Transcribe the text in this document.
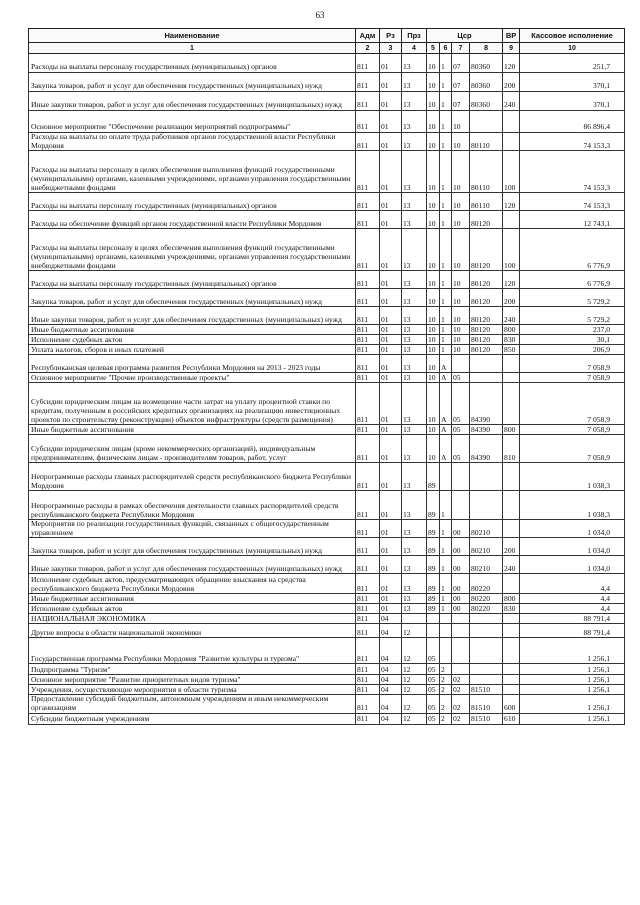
63
Наименование	Адм	Рз	Прз	Цср				ВР	Кассовое исполнение
1	2	3	4	5	6	7	8	9	10
Расходы на выплаты персоналу государственных (муниципальных) органов	811	01	13	10	1	07	80360	120	251,7
Закупка товаров, работ и услуг для обеспечения государственных (муниципальных) нужд	811	01	13	10	1	07	80360	200	370,1
Иные закупки товаров, работ и услуг для обеспечения государственных (муниципальных) нужд	811	01	13	10	1	07	80360	240	370,1
Основное мероприятие "Обеспечение реализации мероприятий подпрограммы"	811	01	13	10	1	10			86 896,4
Расходы на выплаты по оплате труда работников органов государственной власти Республики Мордовия	811	01	13	10	1	10	80110		74 153,3
Расходы на выплаты персоналу в целях обеспечения выполнения функций государственными (муниципальными) органами, казенными учреждениями, органами управления государственными внебюджетными фондами	811	01	13	10	1	10	80110	100	74 153,3
Расходы на выплаты персоналу государственных (муниципальных) органов	811	01	13	10	1	10	80110	120	74 153,3
Расходы на обеспечение функций органов государственной власти Республики Мордовия	811	01	13	10	1	10	80120		12 743,1
Расходы на выплаты персоналу в целях обеспечения выполнения функций государственными (муниципальными) органами, казенными учреждениями, органами управления государственными внебюджетными фондами	811	01	13	10	1	10	80120	100	6 776,9
Расходы на выплаты персоналу государственных (муниципальных) органов	811	01	13	10	1	10	80120	120	6 776,9
Закупка товаров, работ и услуг для обеспечения государственных (муниципальных) нужд	811	01	13	10	1	10	80120	200	5 729,2
Иные закупки товаров, работ и услуг для обеспечения государственных (муниципальных) нужд	811	01	13	10	1	10	80120	240	5 729,2
Иные бюджетные ассигнования	811	01	13	10	1	10	80120	800	237,0
Исполнение судебных актов	811	01	13	10	1	10	80120	830	30,1
Уплата налогов, сборов и иных платежей	811	01	13	10	1	10	80120	850	206,9
Республиканская целевая программа развития Республики Мордовия на 2013 - 2023 годы	811	01	13	10	А				7 058,9
Основное мероприятие "Прочие производственные проекты"	811	01	13	10	А	05			7 058,9
Субсидии юридическим лицам на возмещение части затрат на уплату процентной ставки по кредитам, полученным в российских кредитных организациях на реализацию инвестиционных проектов по строительству (реконструкции) объектов инфраструктуры (средств размещения)	811	01	13	10	А	05	84390		7 058,9
Иные бюджетные ассигнования	811	01	13	10	А	05	84390	800	7 058,9
Субсидии юридическим лицам (кроме некоммерческих организаций), индивидуальным предпринимателям, физическим лицам - производителям товаров, работ, услуг	811	01	13	10	А	05	84390	810	7 058,9
Непрограммные расходы главных распорядителей средств республиканского бюджета Республики Мордовия	811	01	13	89					1 038,3
Непрограммные расходы в рамках обеспечения деятельности главных распорядителей средств республиканского бюджета Республики Мордовия	811	01	13	89	1				1 038,3
Мероприятия по реализации государственных функций, связанных с общегосударственным управлением	811	01	13	89	1	00	80210		1 034,0
Закупка товаров, работ и услуг для обеспечения государственных (муниципальных) нужд	811	01	13	89	1	00	80210	200	1 034,0
Иные закупки товаров, работ и услуг для обеспечения государственных (муниципальных) нужд	811	01	13	89	1	00	80210	240	1 034,0
Исполнение судебных актов, предусматривающих обращение взыскания на средства республиканского бюджета Республики Мордовия	811	01	13	89	1	00	80220		4,4
Иные бюджетные ассигнования	811	01	13	89	1	00	80220	800	4,4
Исполнение судебных актов	811	01	13	89	1	00	80220	830	4,4
НАЦИОНАЛЬНАЯ ЭКОНОМИКА	811	04							88 791,4
Другие вопросы в области национальной экономики	811	04	12						88 791,4
Государственная программа Республики Мордовия "Развитие культуры и туризма"	811	04	12	05					1 256,1
Подпрограмма "Туризм"	811	04	12	05	2				1 256,1
Основное мероприятие "Развитие приоритетных видов туризма"	811	04	12	05	2	02			1 256,1
Учреждения, осуществляющие мероприятия в области туризма	811	04	12	05	2	02	81510		1 256,1
Предоставление субсидий бюджетным, автономным учреждениям и иным некоммерческим организациям	811	04	12	05	2	02	81510	600	1 256,1
Субсидии бюджетным учреждениям	811	04	12	05	2	02	81510	610	1 256,1
